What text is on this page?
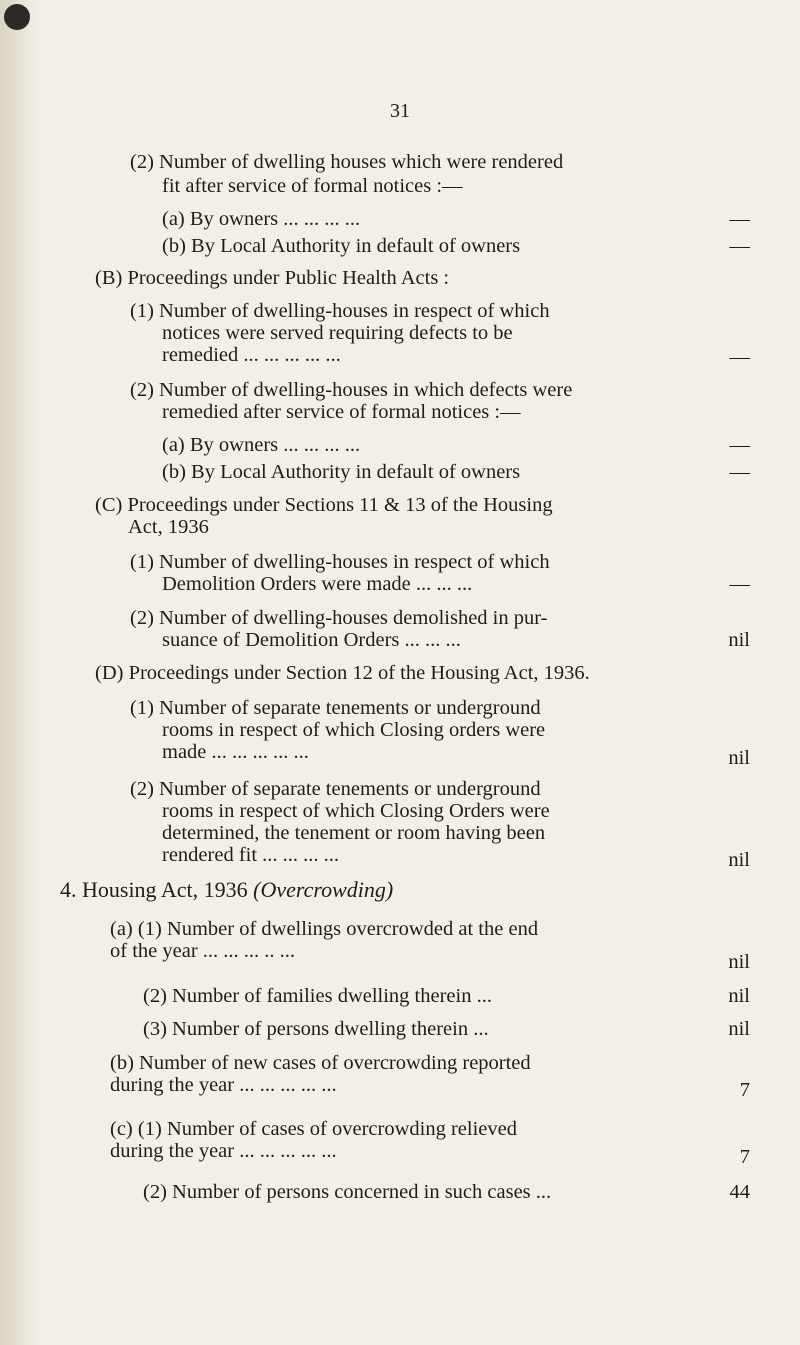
31
(2) Number of dwelling houses which were rendered
fit after service of formal notices :—
(a) By owners ... ... ... ...	—
(b) By Local Authority in default of owners	—
(B) Proceedings under Public Health Acts :
(1) Number of dwelling-houses in respect of which
notices were served requiring defects to be
remedied ... ... ... ... ...	—
(2) Number of dwelling-houses in which defects were
remedied after service of formal notices :—
(a) By owners ... ... ... ...	—
(b) By Local Authority in default of owners	—
(C) Proceedings under Sections 11 & 13 of the Housing
Act, 1936
(1) Number of dwelling-houses in respect of which
Demolition Orders were made ... ... ...	—
(2) Number of dwelling-houses demolished in pur-
suance of Demolition Orders ... ... ...	nil
(D) Proceedings under Section 12 of the Housing Act, 1936.
(1) Number of separate tenements or underground
rooms in respect of which Closing orders were
made ... ... ... ... ...	nil
(2) Number of separate tenements or underground
rooms in respect of which Closing Orders were
determined, the tenement or room having been
rendered fit ... ... ... ...	nil
4. Housing Act, 1936 (Overcrowding)
(a) (1) Number of dwellings overcrowded at the end
of the year ... ... ... .. ...	nil
(2) Number of families dwelling therein ...	nil
(3) Number of persons dwelling therein ...	nil
(b) Number of new cases of overcrowding reported
during the year ... ... ... ... ...	7
(c) (1) Number of cases of overcrowding relieved
during the year ... ... ... ... ...	7
(2) Number of persons concerned in such cases ...	44
